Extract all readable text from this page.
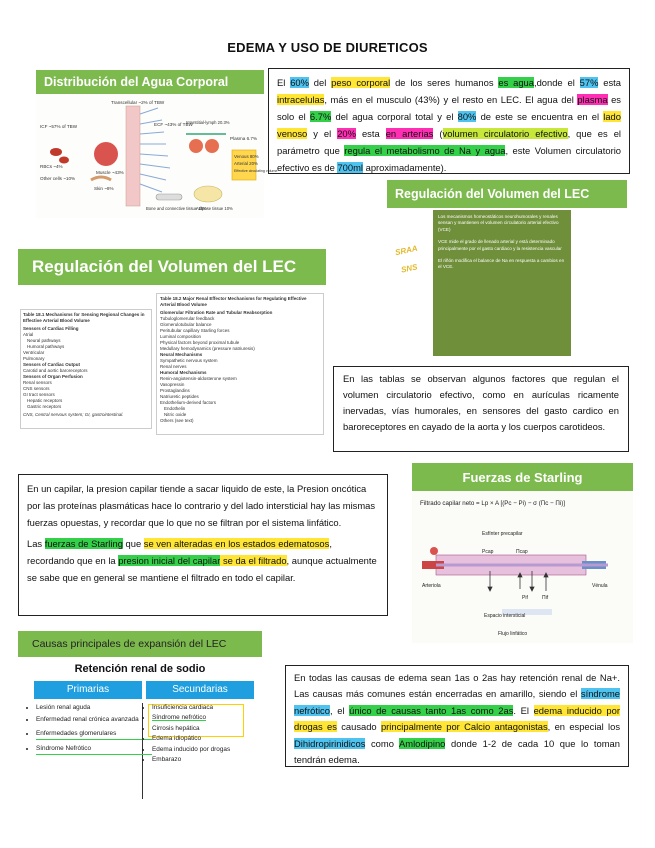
EDEMA Y USO DE DIURETICOS
Distribución del Agua Corporal
Venous 80%
Arterial 20%
Effective circulating volume
Transcellular ~2% of TBW
ICF ~57% of TBW	ECF ~43% of TBW
Plasma 6.7%
Muscle ~43%
RBCs ~4%
Other cells ~10%
Skin ~8%
Bone and connective tissue 15%
Adipose tissue 10%
Interstitial-lymph 20.3%
El 60% del peso corporal de los seres humanos es agua,donde el 57% esta intracelulas, más en el musculo (43%) y el resto en LEC. El agua del plasma es solo el 6.7% del agua corporal total y el 80% de este se encuentra en el lado venoso y el 20% esta en arterias (volumen circulatorio efectivo, que es el parámetro que regula el metabolismo de Na y agua, este Volumen circulatorio efectivo es de 700ml aproximadamente).
Regulación del Volumen del LEC
SRAA
SNS
Los mecanismos homeostáticos neurohumorales y renales sensan y mantienen el volumen circulatorio arterial efectivo (VCE)
VCE mide el grado de llenado arterial y está determinado principalmente por el gasto cardiaco y la resistencia vascular
El riñón modifica el balance de Na en respuesta a cambios en el VCE.
Regulación del Volumen del LEC
Table 18.1 Mechanisms for Sensing Regional Changes in Effective Arterial Blood Volume
Sensors of Cardiac Filling
Atrial
Neural pathways
Humoral pathways
Ventricular
Pulmonary
Sensors of Cardiac Output
Carotid and aortic baroreceptors
Sensors of Organ Perfusion
Renal sensors
CNS sensors
GI tract sensors
Hepatic receptors
Gastric receptors
CNS, Central nervous system; GI, gastrointestinal.
Table 18.2 Major Renal Effector Mechanisms for Regulating Effective Arterial Blood Volume
Glomerular Filtration Rate and Tubular Reabsorption
Tubuloglomerular feedback
Glomerulotubular balance
Peritubular capillary Starling forces
Luminal composition
Physical factors beyond proximal tubule
Medullary hemodynamics (pressure natriuresis)
Neural Mechanisms
Sympathetic nervous system
Renal nerves
Humoral Mechanisms
Renin-angiotensin-aldosterone system
Vasopressin
Prostaglandins
Natriuretic peptides
Endothelium-derived factors
Endothelin
Nitric oxide
Others (see text)
En las tablas se observan algunos factores que regulan el volumen circulatorio efectivo, como en aurículas ricamente inervadas, vías humorales, en sensores del gasto cardico en baroreceptores en cayado de la aorta y los cuerpos carotideos.
En un capilar, la presion capilar tiende a sacar liquido de este, la Presion oncótica por las proteínas plasmáticas hace lo contrario y del lado intersticial hay las mismas fuerzas opuestas, y recordar que lo que no se filtran por el sistema linfático.
Las fuerzas de Starling que se ven alteradas en los estados edematosos, recordando que en la presion inicial del capilar se da el filtrado, aunque actualmente se sabe que en general se mantiene el filtrado en todo el capilar.
Fuerzas de Starling
Filtrado capilar neto = Lp × A [(Pc − Pi) − σ (Πc − Πi)]
Esfínter precapilar
Arteriola	Vénula
Pcap	Πcap
Pif	Πif
Espacio intersticial
Flujo linfático
Causas principales de expansión del LEC
Retención renal de sodio
Primarias	Secundarias
• Lesión renal aguda
• Enfermedad renal crónica avanzada
• Enfermedades glomerulares
• Síndrome Nefrótico
• Insuficiencia cardiaca
• Síndrome nefrótico
• Cirrosis hepática
• Edema idiopático
• Edema inducido por drogas
• Embarazo
En todas las causas de edema sean 1as o 2as hay retención renal de Na+. Las causas más comunes están encerradas en amarillo, siendo el síndrome nefrótico, el único de causas tanto 1as como 2as. El edema inducido por drogas es causado principalmente por Calcio antagonistas, en especial los Dihidropirinidicos como Amlodipino donde 1-2 de cada 10 que lo toman tendrán edema.
